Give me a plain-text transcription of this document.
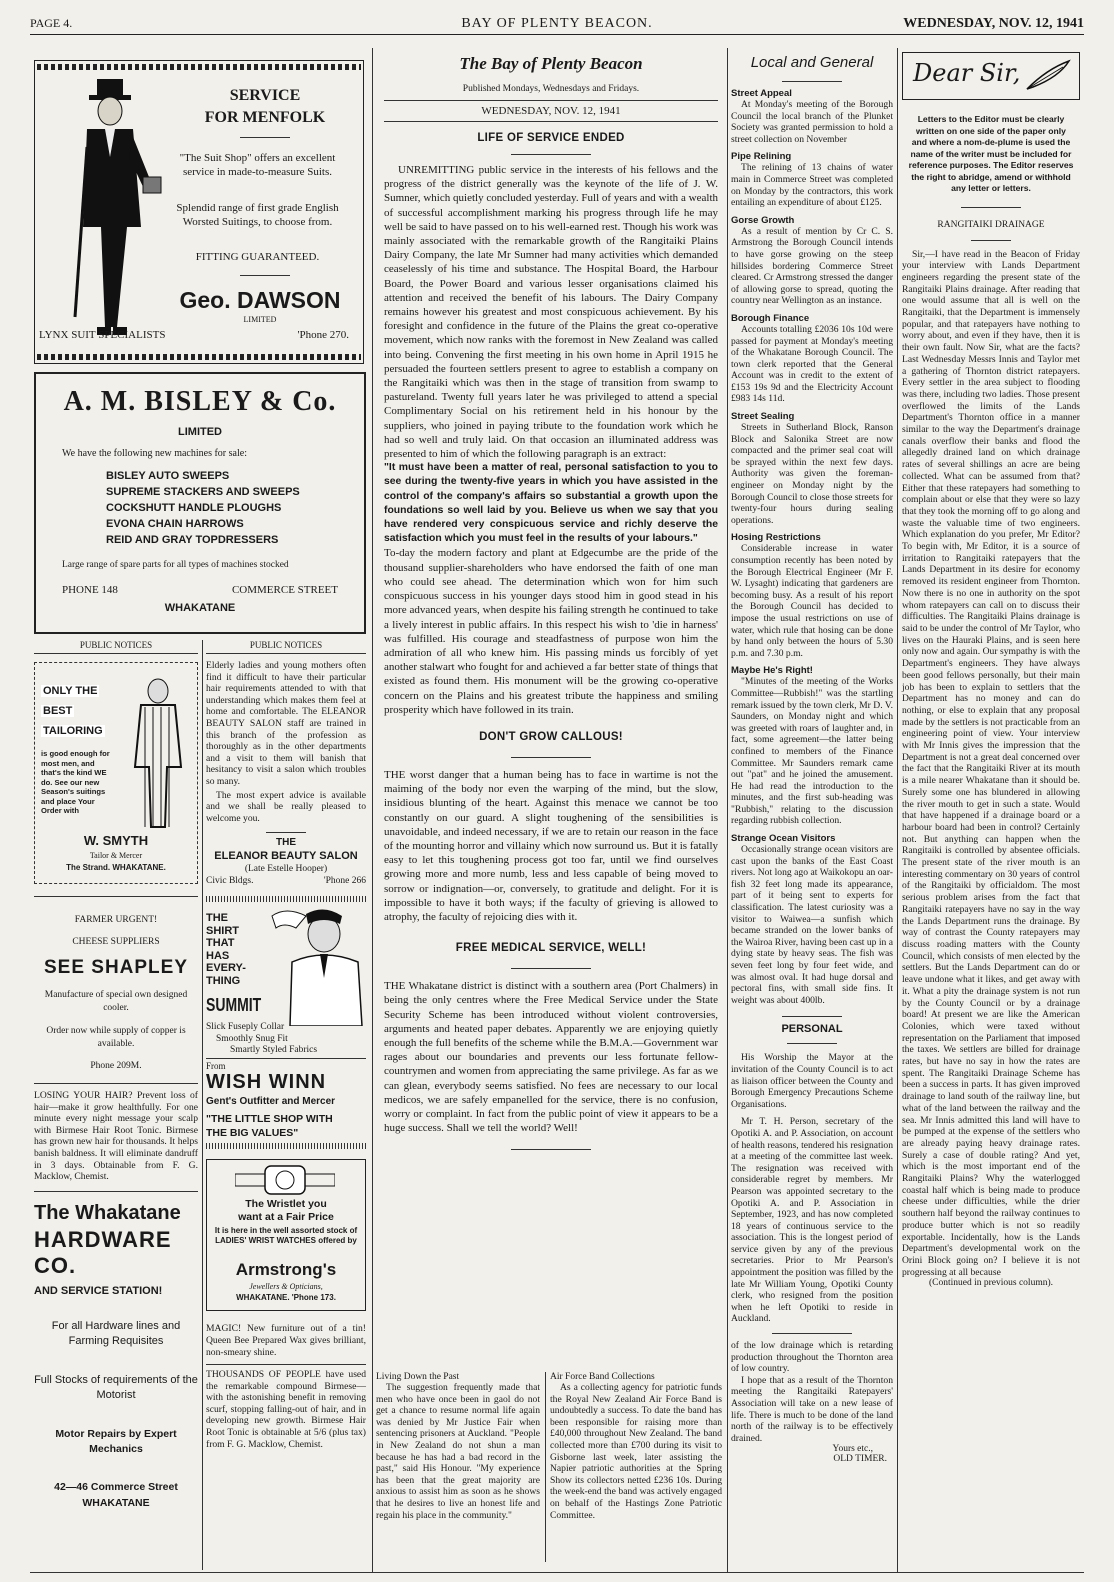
PAGE 4.	BAY OF PLENTY BEACON.	WEDNESDAY, NOV. 12, 1941
SERVICE
FOR MENFOLK
"The Suit Shop" offers an excellent service in made-to-measure Suits.
Splendid range of first grade English Worsted Suitings, to choose from.
FITTING GUARANTEED.
Geo. DAWSON
LIMITED
LYNX SUIT SPECIALISTS	'Phone 270.
A. M. BISLEY & Co.
LIMITED
We have the following new machines for sale:
BISLEY AUTO SWEEPS
SUPREME STACKERS AND SWEEPS
COCKSHUTT HANDLE PLOUGHS
EVONA CHAIN HARROWS
REID AND GRAY TOPDRESSERS
Large range of spare parts for all types of machines stocked
PHONE 148	COMMERCE STREET
WHAKATANE
PUBLIC NOTICES
ONLY THE
BEST
TAILORING
is good enough for most men, and that's the kind WE do. See our new Season's suitings and place Your Order with
W. SMYTH
Tailor & Mercer
The Strand. WHAKATANE.
FARMER URGENT!
CHEESE SUPPLIERS
SEE SHAPLEY
Manufacture of special own designed cooler.
Order now while supply of copper is available.
Phone 209M.
LOSING YOUR HAIR? Prevent loss of hair—make it grow healthfully. For one minute every night message your scalp with Birmese Hair Root Tonic. Birmese has grown new hair for thousands. It helps banish baldness. It will eliminate dandruff in 3 days. Obtainable from F. G. Macklow, Chemist.
The Whakatane
HARDWARE CO.
AND SERVICE STATION!
For all Hardware lines and Farming Requisites
Full Stocks of requirements of the Motorist
Motor Repairs by Expert Mechanics
42—46 Commerce Street
WHAKATANE
PUBLIC NOTICES
Elderly ladies and young mothers often find it difficult to have their particular hair requirements attended to with that understanding which makes them feel at home and comfortable. The ELEANOR BEAUTY SALON staff are trained in this branch of the profession as thoroughly as in the other departments and a visit to them will banish that hesitancy to visit a salon which troubles so many.
The most expert advice is available and we shall be really pleased to welcome you.
THE
ELEANOR BEAUTY SALON
(Late Estelle Hooper)
Civic Bldgs.	'Phone 266
THE
SHIRT
THAT
HAS
EVERY-
THING
SUMMIT
Slick Fuseply Collar
Smoothly Snug Fit
Smartly Styled Fabrics
From
WISH WINN
Gent's Outfitter and Mercer
"THE LITTLE SHOP WITH
THE BIG VALUES"
The Wristlet you
want at a Fair Price
It is here in the well assorted stock of LADIES' WRIST WATCHES offered by
Armstrong's
Jewellers & Opticians,
WHAKATANE. 'Phone 173.
MAGIC! New furniture out of a tin! Queen Bee Prepared Wax gives brilliant, non-smeary shine.
THOUSANDS OF PEOPLE have used the remarkable compound Birmese—with the astonishing benefit in removing scurf, stopping falling-out of hair, and in developing new growth. Birmese Hair Root Tonic is obtainable at 5/6 (plus tax) from F. G. Macklow, Chemist.
The Bay of Plenty Beacon
Published Mondays, Wednesdays and Fridays.
WEDNESDAY, NOV. 12, 1941
LIFE OF SERVICE ENDED

UNREMITTING public service in the interests of his fellows and the progress of the district generally was the keynote of the life of J. W. Sumner, which quietly concluded yesterday. Full of years and with a wealth of successful accomplishment marking his progress through life he may well be said to have passed on to his well-earned rest. Though his work was mainly associated with the remarkable growth of the Rangitaiki Plains Dairy Company, the late Mr Sumner had many activities which demanded ceaselessly of his time and substance. The Hospital Board, the Harbour Board, the Power Board and various lesser organisations claimed his attention and received the benefit of his labours. The Dairy Company remains however his greatest and most conspicuous achievement. By his foresight and confidence in the future of the Plains the great co-operative movement, which now ranks with the foremost in New Zealand was called into being. Convening the first meeting in his own home in April 1915 he persuaded the fourteen settlers present to agree to establish a company on the Rangitaiki which was then in the stage of transition from swamp to pastureland. Twenty full years later he was privileged to attend a special Complimentary Social on his retirement held in his honour by the suppliers, who joined in paying tribute to the foundation work which he had so well and truly laid. On that occasion an illuminated address was presented to him of which the following paragraph is an extract:

"It must have been a matter of real, personal satisfaction to you to see during the twenty-five years in which you have assisted in the control of the company's affairs so substantial a growth upon the foundations so well laid by you. Believe us when we say that you have rendered very conspicuous service and richly deserve the satisfaction which you must feel in the results of your labours."

To-day the modern factory and plant at Edgecumbe are the pride of the thousand supplier-shareholders who have endorsed the faith of one man who could see ahead. The determination which won for him such conspicuous success in his younger days stood him in good stead in his more advanced years, when despite his failing strength he continued to take a lively interest in public affairs. In this respect his wish to 'die in harness' was fulfilled. His courage and steadfastness of purpose won him the admiration of all who knew him. His passing minds us forcibly of yet another stalwart who fought for and achieved a far better state of things that existed as found them. His monument will be the growing co-operative concern on the Plains and his greatest tribute the happiness and smiling prosperity which have followed in its train.

DON'T GROW CALLOUS!

THE worst danger that a human being has to face in wartime is not the maiming of the body nor even the warping of the mind, but the slow, insidious blunting of the heart. Against this menace we cannot be too constantly on our guard. A slight toughening of the sensibilities is unavoidable, and indeed necessary, if we are to retain our reason in the face of the mounting horror and villainy which now surround us. But it is fatally easy to let this toughening process got too far, until we find ourselves growing more and more numb, less and less capable of being moved to sorrow or indignation—or, conversely, to gratitude and delight. For it is impossible to have it both ways; if the faculty of grieving is allowed to atrophy, the faculty of rejoicing dies with it.

FREE MEDICAL SERVICE, WELL!

THE Whakatane district is distinct with a southern area (Port Chalmers) in being the only centres where the Free Medical Service under the State Security Scheme has been introduced without violent controversies, arguments and heated paper debates. Apparently we are enjoying quietly enough the full benefits of the scheme while the B.M.A.—Government war rages about our boundaries and prevents our less fortunate fellow-countrymen and women from appreciating the same privilege. As far as we can glean, everybody seems satisfied. No fees are necessary to our local medicos, we are safely empanelled for the service, there is no confusion, worry or complaint. In fact from the public point of view it appears to be a huge success. Shall we tell the world? Well!

Living Down the Past
The suggestion frequently made that men who have once been in gaol do not get a chance to resume normal life again was denied by Mr Justice Fair when sentencing prisoners at Auckland. "People in New Zealand do not shun a man because he has had a bad record in the past," said His Honour. "My experience has been that the great majority are anxious to assist him as soon as he shows that he desires to live an honest life and regain his place in the community."
Air Force Band Collections
As a collecting agency for patriotic funds the Royal New Zealand Air Force Band is undoubtedly a success. To date the band has been responsible for raising more than £40,000 throughout New Zealand. The band collected more than £700 during its visit to Gisborne last week, later assisting the Napier patriotic authorities at the Spring Show its collectors netted £236 10s. During the week-end the band was actively engaged on behalf of the Hastings Zone Patriotic Committee.
Local and General
Street Appeal
At Monday's meeting of the Borough Council the local branch of the Plunket Society was granted permission to hold a street collection on November
Pipe Relining
The relining of 13 chains of water main in Commerce Street was completed on Monday by the contractors, this work entailing an expenditure of about £125.
Gorse Growth
As a result of mention by Cr C. S. Armstrong the Borough Council intends to have gorse growing on the steep hillsides bordering Commerce Street cleared. Cr Armstrong stressed the danger of allowing gorse to spread, quoting the country near Wellington as an instance.
Borough Finance
Accounts totalling £2036 10s 10d were passed for payment at Monday's meeting of the Whakatane Borough Council. The town clerk reported that the General Account was in credit to the extent of £153 19s 9d and the Electricity Account £983 14s 11d.
Street Sealing
Streets in Sutherland Block, Ranson Block and Salonika Street are now compacted and the primer seal coat will be sprayed within the next few days. Authority was given the foreman-engineer on Monday night by the Borough Council to close those streets for twenty-four hours during sealing operations.
Hosing Restrictions
Considerable increase in water consumption recently has been noted by the Borough Electrical Engineer (Mr F. W. Lysaght) indicating that gardeners are becoming busy. As a result of his report the Borough Council has decided to impose the usual restrictions on use of water, which rule that hosing can be done by hand only between the hours of 5.30 p.m. and 7.30 p.m.
Maybe He's Right!
"Minutes of the meeting of the Works Committee—Rubbish!" was the startling remark issued by the town clerk, Mr D. V. Saunders, on Monday night and which was greeted with roars of laughter and, in fact, some agreement—the latter being confined to members of the Finance Committee. Mr Saunders remark came out "pat" and he joined the amusement. He had read the introduction to the minutes, and the first sub-heading was "Rubbish," relating to the discussion regarding rubbish collection.
Strange Ocean Visitors
Occasionally strange ocean visitors are cast upon the banks of the East Coast rivers. Not long ago at Waikokopu an oar-fish 32 feet long made its appearance, part of it being sent to experts for classification. The latest curiosity was a visitor to Waiwea—a sunfish which became stranded on the lower banks of the Wairoa River, having been cast up in a dying state by heavy seas. The fish was seven feet long by four feet wide, and was almost oval. It had huge dorsal and pectoral fins, with small side fins. It weight was about 400lb.
PERSONAL

His Worship the Mayor at the invitation of the County Council is to act as liaison officer between the County and Borough Emergency Precautions Scheme Organisations.

Mr T. H. Person, secretary of the Opotiki A. and P. Association, on account of health reasons, tendered his resignation at a meeting of the committee last week. The resignation was received with considerable regret by members. Mr Pearson was appointed secretary to the Opotiki A. and P. Association in September, 1923, and has now completed 18 years of continuous service to the association. This is the longest period of service given by any of the previous secretaries. Prior to Mr Pearson's appointment the position was filled by the late Mr William Young, Opotiki County clerk, who resigned from the position when he left Opotiki to reside in Auckland.

of the low drainage which is retarding production throughout the Thornton area of low country.

I hope that as a result of the Thornton meeting the Rangitaiki Ratepayers' Association will take on a new lease of life. There is much to be done of the land north of the railway is to be effectively drained.

Yours etc.,
OLD TIMER.
Dear Sir,
Letters to the Editor must be clearly written on one side of the paper only and where a nom-de-plume is used the name of the writer must be included for reference purposes. The Editor reserves the right to abridge, amend or withhold any letter or letters.
RANGITAIKI DRAINAGE
Sir,—I have read in the Beacon of Friday your interview with Lands Department engineers regarding the present state of the Rangitaiki Plains drainage. After reading that one would assume that all is well on the Rangitaiki, that the Department is immensely popular, and that ratepayers have nothing to worry about, and even if they have, then it is their own fault. Now Sir, what are the facts? Last Wednesday Messrs Innis and Taylor met a gathering of Thornton district ratepayers. Every settler in the area subject to flooding was there, including two ladies. Those present overflowed the limits of the Lands Department's Thornton office in a manner similar to the way the Department's drainage canals overflow their banks and flood the allegedly drained land on which drainage rates of several shillings an acre are being collected. What can be assumed from that? Either that these ratepayers had something to complain about or else that they were so lazy that they took the morning off to go along and waste the valuable time of two engineers. Which explanation do you prefer, Mr Editor? To begin with, Mr Editor, it is a source of irritation to Rangitaiki ratepayers that the Lands Department in its desire for economy removed its resident engineer from Thornton. Now there is no one in authority on the spot whom ratepayers can call on to discuss their difficulties. The Rangitaiki Plains drainage is said to be under the control of Mr Taylor, who lives on the Hauraki Plains, and is seen here only now and again. Our sympathy is with the Department's engineers. They have always been good fellows personally, but their main job has been to explain to settlers that the Department has no money and can do nothing, or else to explain that any proposal made by the settlers is not practicable from an engineering point of view. Your interview with Mr Innis gives the impression that the Department is not a great deal concerned over the fact that the Rangitaiki River at its mouth is a mile nearer Whakatane than it should be. Surely some one has blundered in allowing the river mouth to get in such a state. Would that have happened if a drainage board or a harbour board had been in control? Certainly not. But anything can happen when the Rangitaiki is controlled by absentee officials. The present state of the river mouth is an interesting commentary on 30 years of control of the Rangitaiki by officialdom. The most serious problem arises from the fact that Rangitaiki ratepayers have no say in the way the Lands Department runs the drainage. By way of contrast the County ratepayers may discuss roading matters with the County Council, which consists of men elected by the settlers. But the Lands Department can do or leave undone what it likes, and get away with it. What a pity the drainage system is not run by the County Council or by a drainage board! At present we are like the American Colonies, which were taxed without representation on the Parliament that imposed the taxes. We settlers are billed for drainage rates, but have no say in how the rates are spent. The Rangitaiki Drainage Scheme has been a success in parts. It has given improved drainage to land south of the railway line, but what of the land between the railway and the sea. Mr Innis admitted this land will have to be pumped at the expense of the settlers who are already paying heavy drainage rates. Surely a case of double rating? And yet, which is the most important end of the Rangitaiki Plains? Why the waterlogged coastal half which is being made to produce cheese under difficulties, while the drier southern half beyond the railway continues to produce butter which is not so readily exportable. Incidentally, how is the Lands Department's developmental work on the Orini Block going on? I believe it is not progressing at all because
(Continued in previous column).
